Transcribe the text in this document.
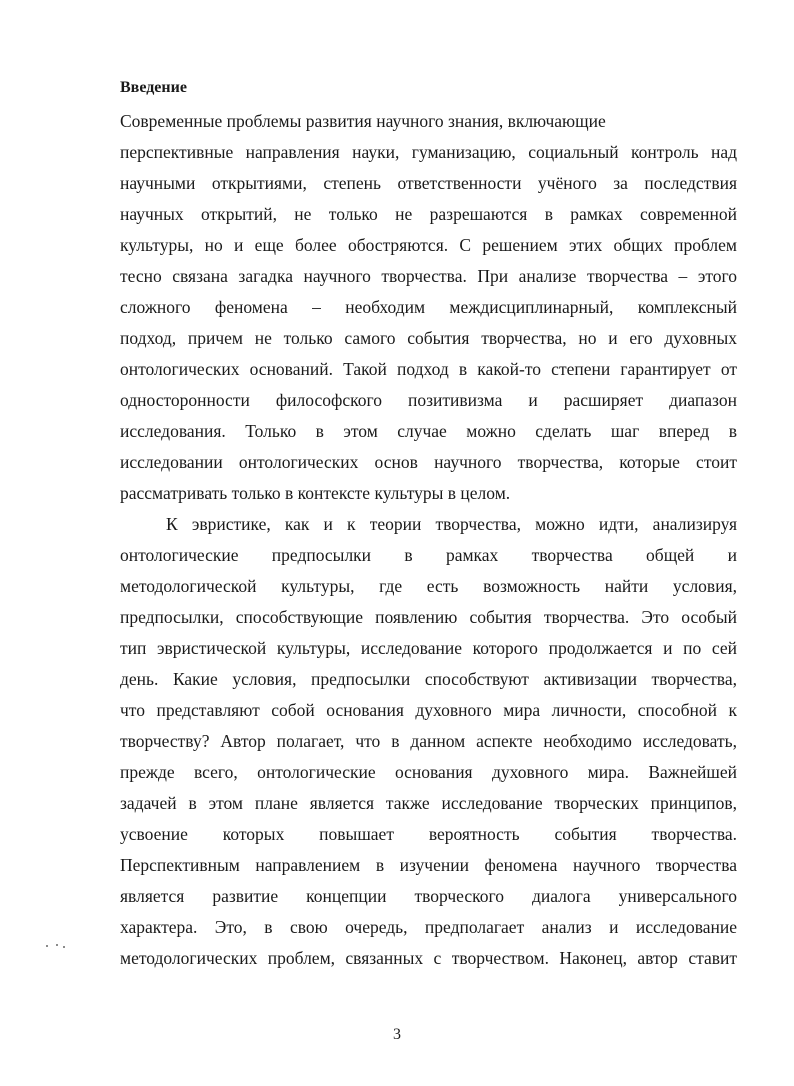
Введение
Современные проблемы развития научного знания, включающие
перспективные направления науки, гуманизацию, социальный контроль над
научными открытиями, степень ответственности учёного за последствия
научных открытий, не только не разрешаются в рамках современной
культуры, но и еще более обостряются. С решением этих общих проблем
тесно связана загадка научного творчества. При анализе творчества – этого
сложного феномена – необходим междисциплинарный, комплексный
подход, причем не только самого события творчества, но и его духовных
онтологических оснований. Такой подход в какой-то степени гарантирует от
односторонности философского позитивизма и расширяет диапазон
исследования. Только в этом случае можно сделать шаг вперед в
исследовании онтологических основ научного творчества, которые стоит
рассматривать только в контексте культуры в целом.
К эвристике, как и к теории творчества, можно идти, анализируя
онтологические предпосылки в рамках творчества общей и
методологической культуры, где есть возможность найти условия,
предпосылки, способствующие появлению события творчества. Это особый
тип эвристической культуры, исследование которого продолжается и по сей
день. Какие условия, предпосылки способствуют активизации творчества,
что представляют собой основания духовного мира личности, способной к
творчеству? Автор полагает, что в данном аспекте необходимо исследовать,
прежде всего, онтологические основания духовного мира. Важнейшей
задачей в этом плане является также исследование творческих принципов,
усвоение которых повышает вероятность события творчества.
Перспективным направлением в изучении феномена научного творчества
является развитие концепции творческого диалога универсального
характера. Это, в свою очередь, предполагает анализ и исследование
методологических проблем, связанных с творчеством. Наконец, автор ставит
3
